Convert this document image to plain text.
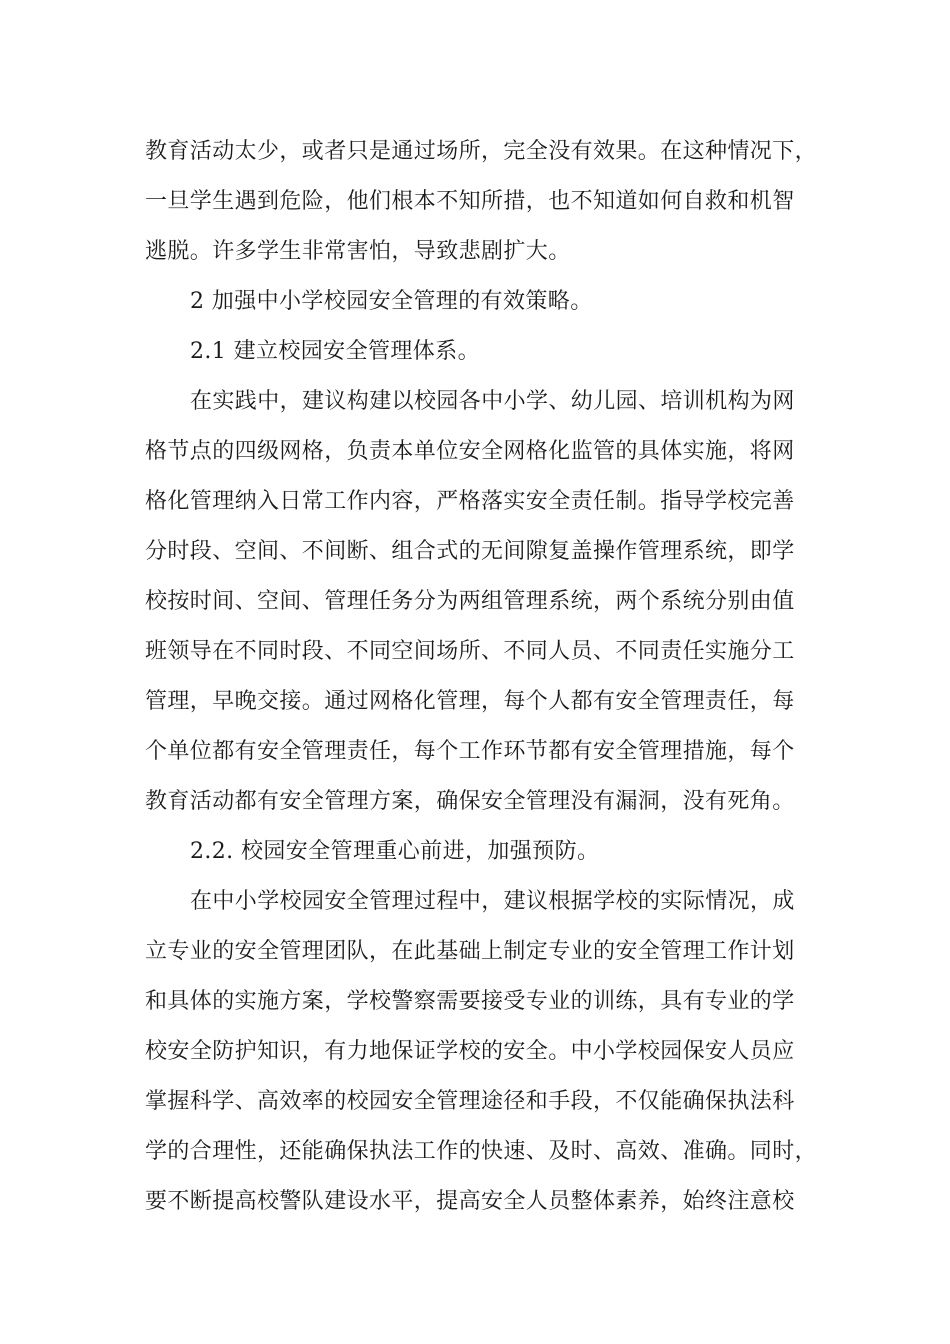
教育活动太少，或者只是通过场所，完全没有效果。在这种情况下，
一旦学生遇到危险，他们根本不知所措，也不知道如何自救和机智
逃脱。许多学生非常害怕，导致悲剧扩大。
2 加强中小学校园安全管理的有效策略。
2.1 建立校园安全管理体系。
在实践中，建议构建以校园各中小学、幼儿园、培训机构为网
格节点的四级网格，负责本单位安全网格化监管的具体实施，将网
格化管理纳入日常工作内容，严格落实安全责任制。指导学校完善
分时段、空间、不间断、组合式的无间隙复盖操作管理系统，即学
校按时间、空间、管理任务分为两组管理系统，两个系统分别由值
班领导在不同时段、不同空间场所、不同人员、不同责任实施分工
管理，早晚交接。通过网格化管理，每个人都有安全管理责任，每
个单位都有安全管理责任，每个工作环节都有安全管理措施，每个
教育活动都有安全管理方案，确保安全管理没有漏洞，没有死角。
2.2. 校园安全管理重心前进，加强预防。
在中小学校园安全管理过程中，建议根据学校的实际情况，成
立专业的安全管理团队，在此基础上制定专业的安全管理工作计划
和具体的实施方案，学校警察需要接受专业的训练，具有专业的学
校安全防护知识，有力地保证学校的安全。中小学校园保安人员应
掌握科学、高效率的校园安全管理途径和手段，不仅能确保执法科
学的合理性，还能确保执法工作的快速、及时、高效、准确。同时，
要不断提高校警队建设水平，提高安全人员整体素养，始终注意校
